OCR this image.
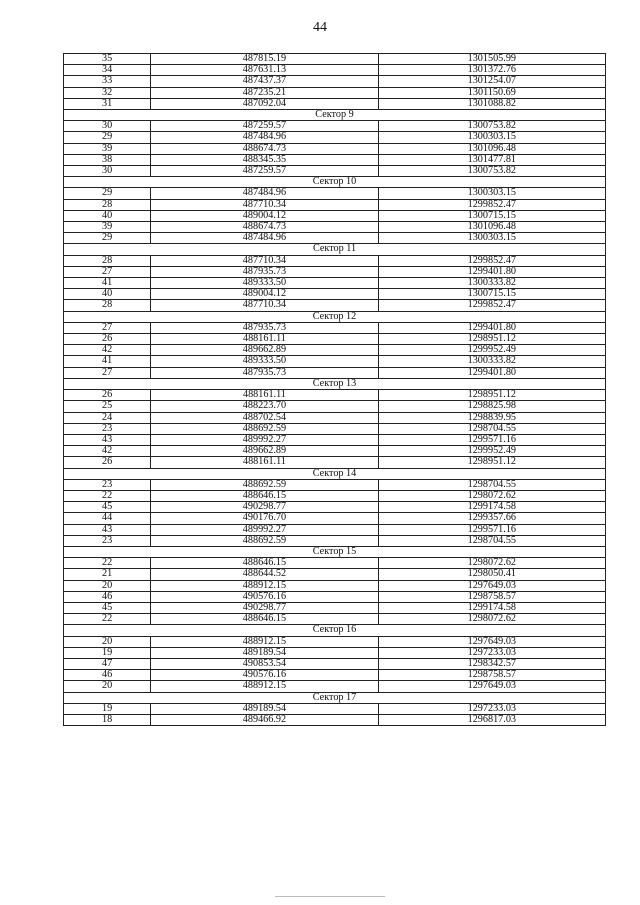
44
35	487815.19	1301505.99
34	487631.13	1301372.76
33	487437.37	1301254.07
32	487235.21	1301150.69
31	487092.04	1301088.82
Сектор 9		
30	487259.57	1300753.82
29	487484.96	1300303.15
39	488674.73	1301096.48
38	488345.35	1301477.81
30	487259.57	1300753.82
Сектор 10		
29	487484.96	1300303.15
28	487710.34	1299852.47
40	489004.12	1300715.15
39	488674.73	1301096.48
29	487484.96	1300303.15
Сектор 11		
28	487710.34	1299852.47
27	487935.73	1299401.80
41	489333.50	1300333.82
40	489004.12	1300715.15
28	487710.34	1299852.47
Сектор 12		
27	487935.73	1299401.80
26	488161.11	1298951.12
42	489662.89	1299952.49
41	489333.50	1300333.82
27	487935.73	1299401.80
Сектор 13		
26	488161.11	1298951.12
25	488223.70	1298825.98
24	488702.54	1298839.95
23	488692.59	1298704.55
43	489992.27	1299571.16
42	489662.89	1299952.49
26	488161.11	1298951.12
Сектор 14		
23	488692.59	1298704.55
22	488646.15	1298072.62
45	490298.77	1299174.58
44	490176.70	1299357.66
43	489992.27	1299571.16
23	488692.59	1298704.55
Сектор 15		
22	488646.15	1298072.62
21	488644.52	1298050.41
20	488912.15	1297649.03
46	490576.16	1298758.57
45	490298.77	1299174.58
22	488646.15	1298072.62
Сектор 16		
20	488912.15	1297649.03
19	489189.54	1297233.03
47	490853.54	1298342.57
46	490576.16	1298758.57
20	488912.15	1297649.03
Сектор 17		
19	489189.54	1297233.03
18	489466.92	1296817.03
